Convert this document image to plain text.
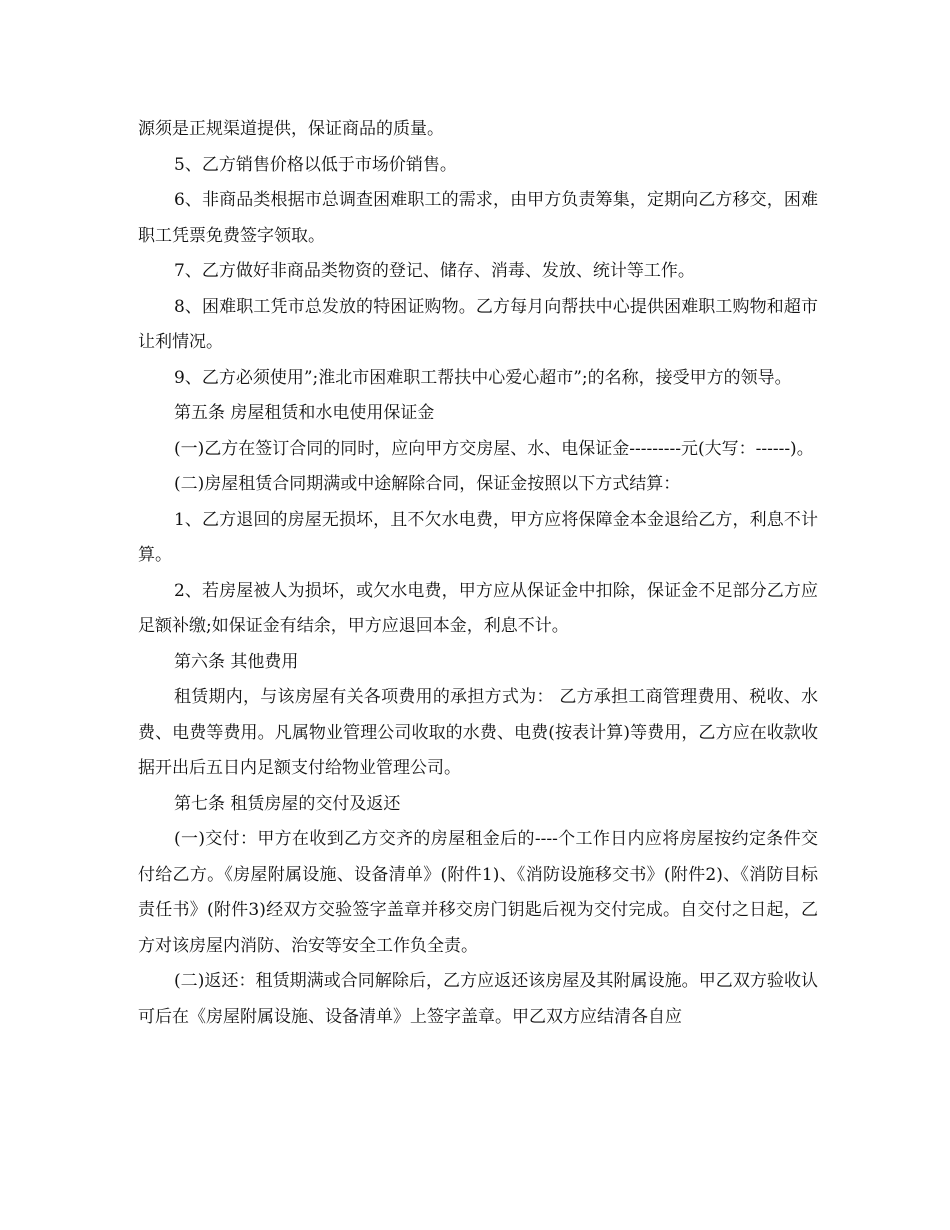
源须是正规渠道提供，保证商品的质量。

5、乙方销售价格以低于市场价销售。

6、非商品类根据市总调查困难职工的需求，由甲方负责筹集，定期向乙方移交，困难职工凭票免费签字领取。

7、乙方做好非商品类物资的登记、储存、消毒、发放、统计等工作。

8、困难职工凭市总发放的特困证购物。乙方每月向帮扶中心提供困难职工购物和超市让利情况。

9、乙方必须使用”;淮北市困难职工帮扶中心爱心超市”;的名称，接受甲方的领导。

第五条 房屋租赁和水电使用保证金

(一)乙方在签订合同的同时，应向甲方交房屋、水、电保证金---------元(大写：------)。

(二)房屋租赁合同期满或中途解除合同，保证金按照以下方式结算：

1、乙方退回的房屋无损坏，且不欠水电费，甲方应将保障金本金退给乙方，利息不计算。

2、若房屋被人为损坏，或欠水电费，甲方应从保证金中扣除，保证金不足部分乙方应足额补缴;如保证金有结余，甲方应退回本金，利息不计。

第六条 其他费用

租赁期内，与该房屋有关各项费用的承担方式为： 乙方承担工商管理费用、税收、水费、电费等费用。凡属物业管理公司收取的水费、电费(按表计算)等费用，乙方应在收款收据开出后五日内足额支付给物业管理公司。

第七条 租赁房屋的交付及返还

(一)交付：甲方在收到乙方交齐的房屋租金后的----个工作日内应将房屋按约定条件交付给乙方。《房屋附属设施、设备清单》(附件1)、《消防设施移交书》(附件2)、《消防目标责任书》(附件3)经双方交验签字盖章并移交房门钥匙后视为交付完成。自交付之日起，乙方对该房屋内消防、治安等安全工作负全责。

(二)返还：租赁期满或合同解除后，乙方应返还该房屋及其附属设施。甲乙双方验收认可后在《房屋附属设施、设备清单》上签字盖章。甲乙双方应结清各自应
